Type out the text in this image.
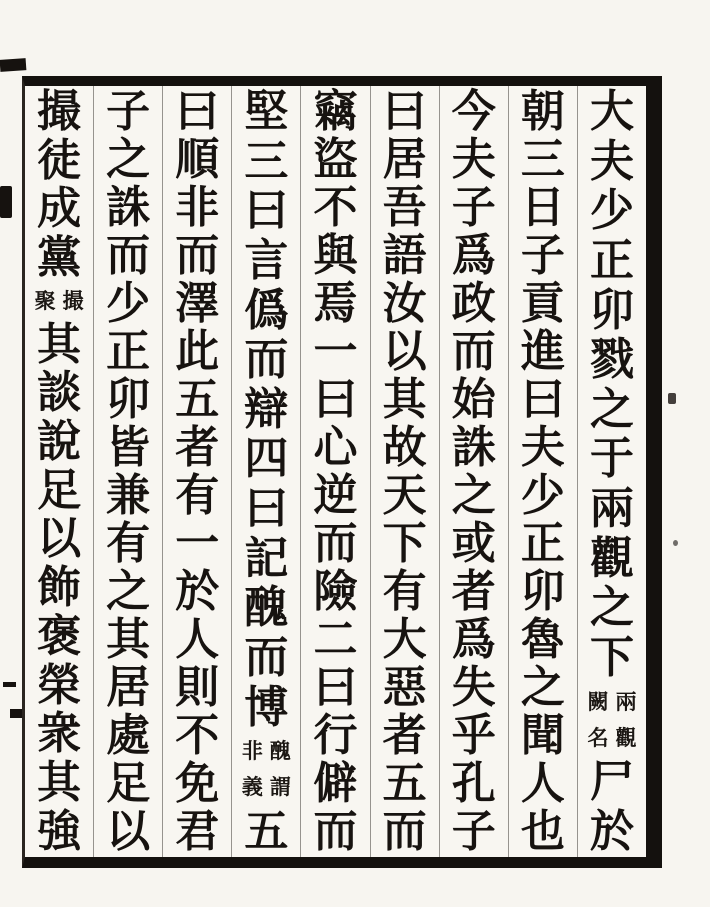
大
夫
少
正
卯
戮
之
于
兩
觀
之
下
兩
觀
闕
名
尸
於
朝
三
日
子
貢
進
曰
夫
少
正
卯
魯
之
聞
人
也
今
夫
子
爲
政
而
始
誅
之
或
者
爲
失
乎
孔
子
曰
居
吾
語
汝
以
其
故
天
下
有
大
惡
者
五
而
竊
盜
不
與
焉
一
曰
心
逆
而
險
二
曰
行
僻
而
堅
三
曰
言
僞
而
辯
四
曰
記
醜
而
博
醜
謂
非
義
五
曰
順
非
而
澤
此
五
者
有
一
於
人
則
不
免
君
子
之
誅
而
少
正
卯
皆
兼
有
之
其
居
處
足
以
撮
徒
成
黨
撮
聚
其
談
說
足
以
飾
褒
榮
衆
其
強
